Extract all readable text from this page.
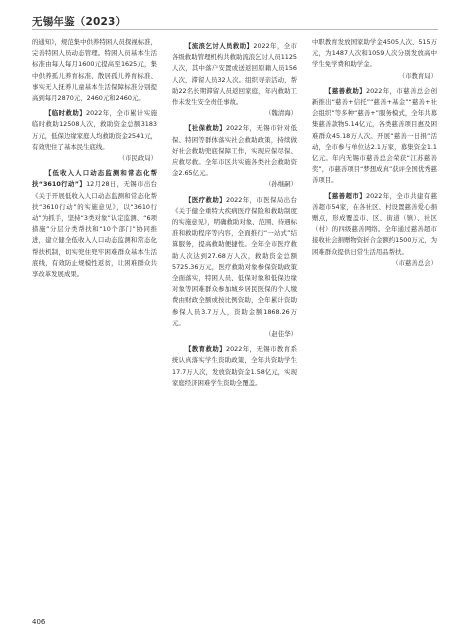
无锡年鉴（2023）

的通知》，规范集中供养特困人员探视标准，完善特困人员动态管理。特困人员基本生活标准由每人每月1600元提高至1625元，集中供养孤儿养育标准、散居孤儿养育标准、事实无人抚养儿童基本生活保障标准分别提高到每月2870元、2460元和2460元。

【临时救助】2022年，全市累计实施临时救助12508人次，救助资金总额3183万元，低保边缘家庭人均救助资金2541元，有效兜住了基本民生底线。

（市民政局）

【低收入人口动态监测和常态化帮扶“3610行动”】12月28日，无锡市出台《关于开展低收入人口动态监测和常态化帮扶“3610行动”的实施意见》，以“3610行动”为抓手，坚持“3类对象”认定监测、“6项措施”分层分类帮扶和“10个部门”协同推进，建立健全低收入人口动态监测和常态化帮扶机制，切实兜住兜牢困难群众基本生活底线，有效防止规模性返贫，让困难群众共享改革发展成果。

【流浪乞讨人员救助】2022年，全市各级救助管理机构共救助流浪乞讨人员1125人次，其中落户安置或送返回原籍人员156人次，滞留人员32人次。组织寻亲活动，帮助22名长期滞留人员返回家庭，年内救助工作未发生安全责任事故。

（魏清海）

【社保救助】2022年，无锡市针对低保、特困等群体落实社会救助政策，持续做好社会救助兜底保障工作，实现应保尽保、应救尽救。全年市区共实施各类社会救助资金2.65亿元。

（孙继嗣）

【医疗救助】2022年，市医保局出台《关于健全重特大疾病医疗保险和救助制度的实施意见》，明确救助对象、范围、待遇标准和救助程序等内容，全面推行“一站式”结算服务，提高救助便捷性。全年全市医疗救助人次达到27.68万人次，救助资金总额5725.36万元，医疗救助对象参保资助政策全面落实，特困人员、低保对象和低保边缘对象等困难群众参加城乡居民医保的个人缴费由财政全额或按比例资助，全年累计资助参保人员3.7万人，资助金额1868.26万元。

（赵佳华）

【教育救助】2022年，无锡市教育系统认真落实学生资助政策，全年共资助学生17.7万人次，发放资助资金1.58亿元，实现家庭经济困难学生资助全覆盖。

中职教育发放国家助学金4505人次、515万元，为1487人次和1059人次分别发放高中学生免学费和助学金。

（市教育局）

【慈善救助】2022年，市慈善总会创新推出“慈善+信托”“慈善+基金”“慈善+社会组织”等多种“慈善+”服务模式，全年共募集慈善款物5.14亿元，各类慈善项目惠及困难群众45.18万人次。开展“慈善一日捐”活动，全市参与单位达2.1万家，募集资金1.1亿元。年内无锡市慈善总会荣获“江苏慈善奖”，市慈善项目“梦想成真”获评全国优秀慈善项目。

【慈善超市】2022年，全市共建有慈善超市54家，在各社区、村设置慈善爱心捐赠点，形成覆盖市、区、街道（镇）、社区（村）的四级慈善网络。全年通过慈善超市接收社会捐赠物资折合金额约1500万元，为困难群众提供日常生活用品帮扶。

（市慈善总会）

406
